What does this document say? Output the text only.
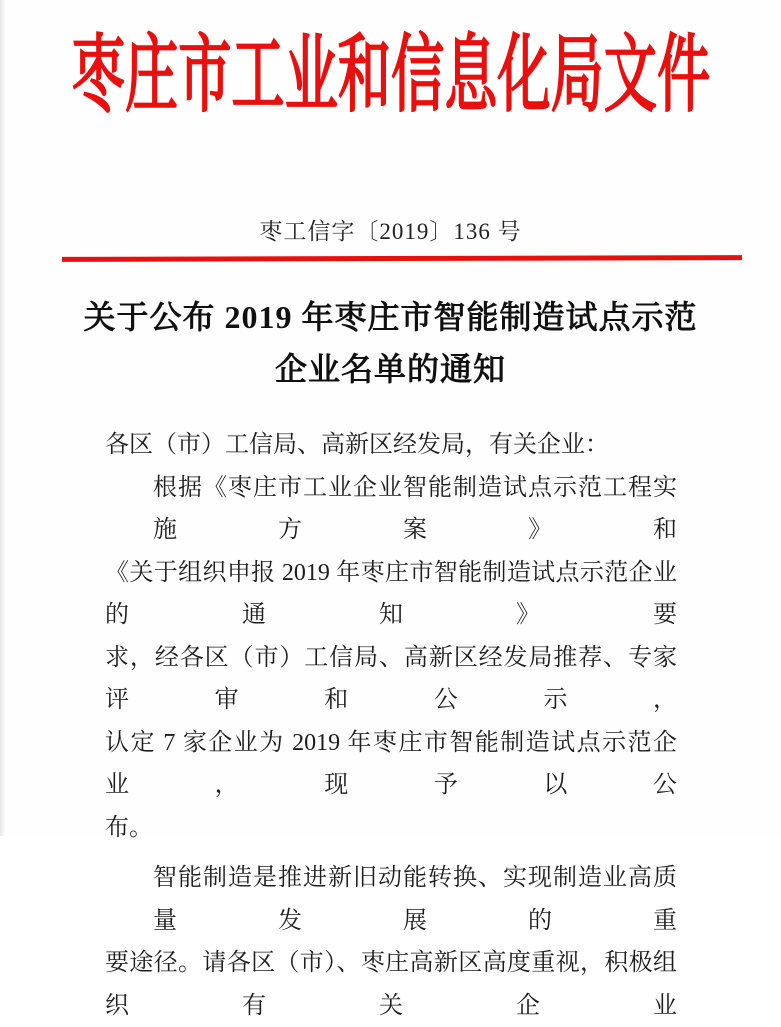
枣庄市工业和信息化局文件
枣工信字〔2019〕136 号
关于公布 2019 年枣庄市智能制造试点示范
企业名单的通知
各区（市）工信局、高新区经发局，有关企业：
根据《枣庄市工业企业智能制造试点示范工程实施方案》和
《关于组织申报 2019 年枣庄市智能制造试点示范企业的通知》要
求，经各区（市）工信局、高新区经发局推荐、专家评审和公示，
认定 7 家企业为 2019 年枣庄市智能制造试点示范企业，现予以公
布。
智能制造是推进新旧动能转换、实现制造业高质量发展的重
要途径。请各区（市）、枣庄高新区高度重视，积极组织有关企业
